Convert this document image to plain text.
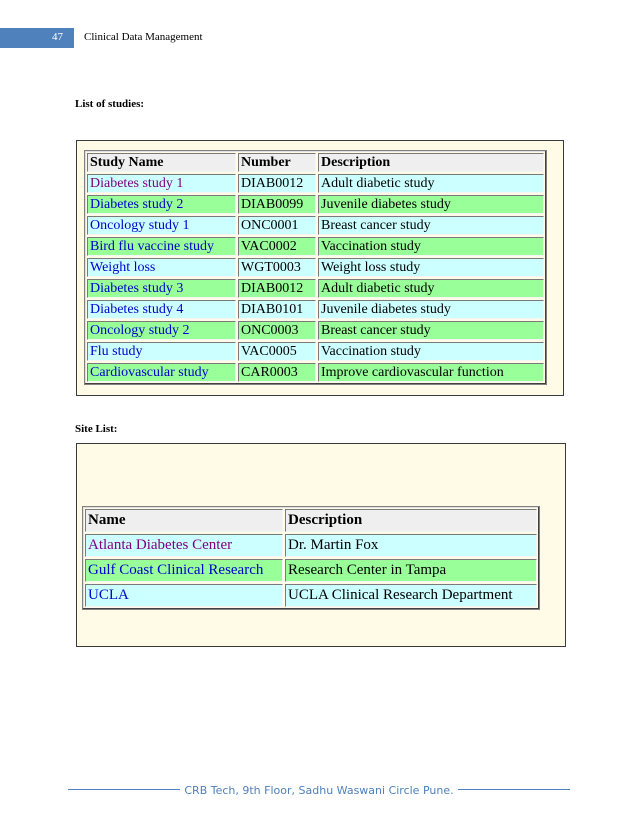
47 Clinical Data Management
List of studies:
Study Name	Number	Description
Diabetes study 1	DIAB0012	Adult diabetic study
Diabetes study 2	DIAB0099	Juvenile diabetes study
Oncology study 1	ONC0001	Breast cancer study
Bird flu vaccine study	VAC0002	Vaccination study
Weight loss	WGT0003	Weight loss study
Diabetes study 3	DIAB0012	Adult diabetic study
Diabetes study 4	DIAB0101	Juvenile diabetes study
Oncology study 2	ONC0003	Breast cancer study
Flu study	VAC0005	Vaccination study
Cardiovascular study	CAR0003	Improve cardiovascular function
Site List:
Name	Description
Atlanta Diabetes Center	Dr. Martin Fox
Gulf Coast Clinical Research	Research Center in Tampa
UCLA	UCLA Clinical Research Department
CRB Tech, 9th Floor, Sadhu Waswani Circle Pune.
